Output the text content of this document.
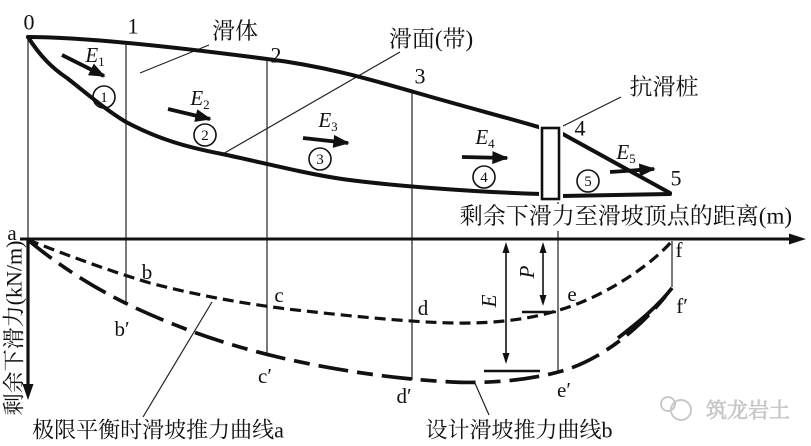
$E_1$
$E_2$
$E_3$	$E_4$	$E_5$
1
2
3
4	5
0	1
2
3
4
5
滑体	滑面(带)
抗滑桩
a
剩余下滑力至滑坡顶点的距离(m)
剩余下滑力(kN/m)	b
c
d
e
f
b′
c′
d′	e′
f′
E
P
极限平衡时滑坡推力曲线a	设计滑坡推力曲线b
筑龙岩土
